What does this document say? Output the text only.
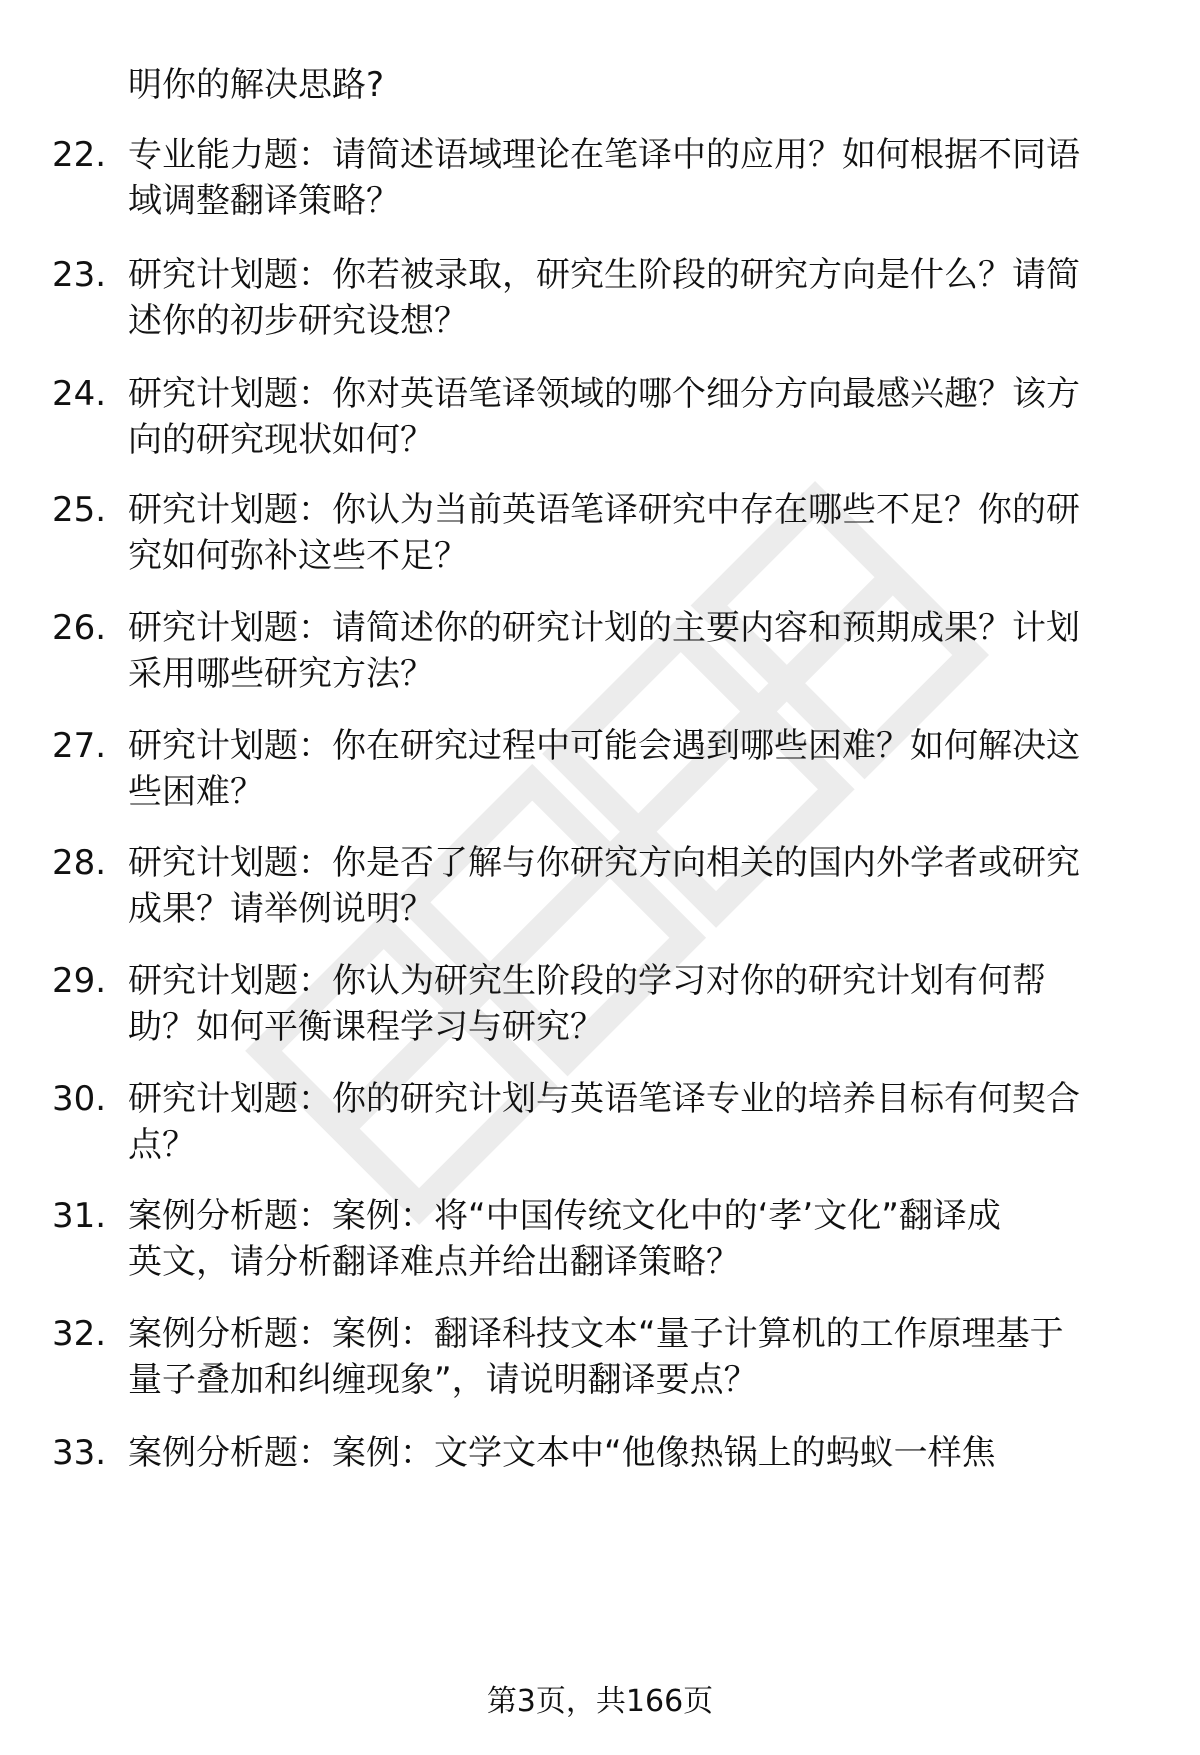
明你的解决思路?
22. 专业能力题：请简述语域理论在笔译中的应用？如何根据不同语
域调整翻译策略？
23. 研究计划题：你若被录取，研究生阶段的研究方向是什么？请简
述你的初步研究设想？
24. 研究计划题：你对英语笔译领域的哪个细分方向最感兴趣？该方
向的研究现状如何？
25. 研究计划题：你认为当前英语笔译研究中存在哪些不足？你的研
究如何弥补这些不足？
26. 研究计划题：请简述你的研究计划的主要内容和预期成果？计划
采用哪些研究方法？
27. 研究计划题：你在研究过程中可能会遇到哪些困难？如何解决这
些困难？
28. 研究计划题：你是否了解与你研究方向相关的国内外学者或研究
成果？请举例说明？
29. 研究计划题：你认为研究生阶段的学习对你的研究计划有何帮
助？如何平衡课程学习与研究？
30. 研究计划题：你的研究计划与英语笔译专业的培养目标有何契合
点？
31. 案例分析题：案例：将“中国传统文化中的‘孝’文化”翻译成
英文，请分析翻译难点并给出翻译策略？
32. 案例分析题：案例：翻译科技文本“量子计算机的工作原理基于
量子叠加和纠缠现象”，请说明翻译要点？
33. 案例分析题：案例：文学文本中“他像热锅上的蚂蚁一样焦
第3页，共166页
